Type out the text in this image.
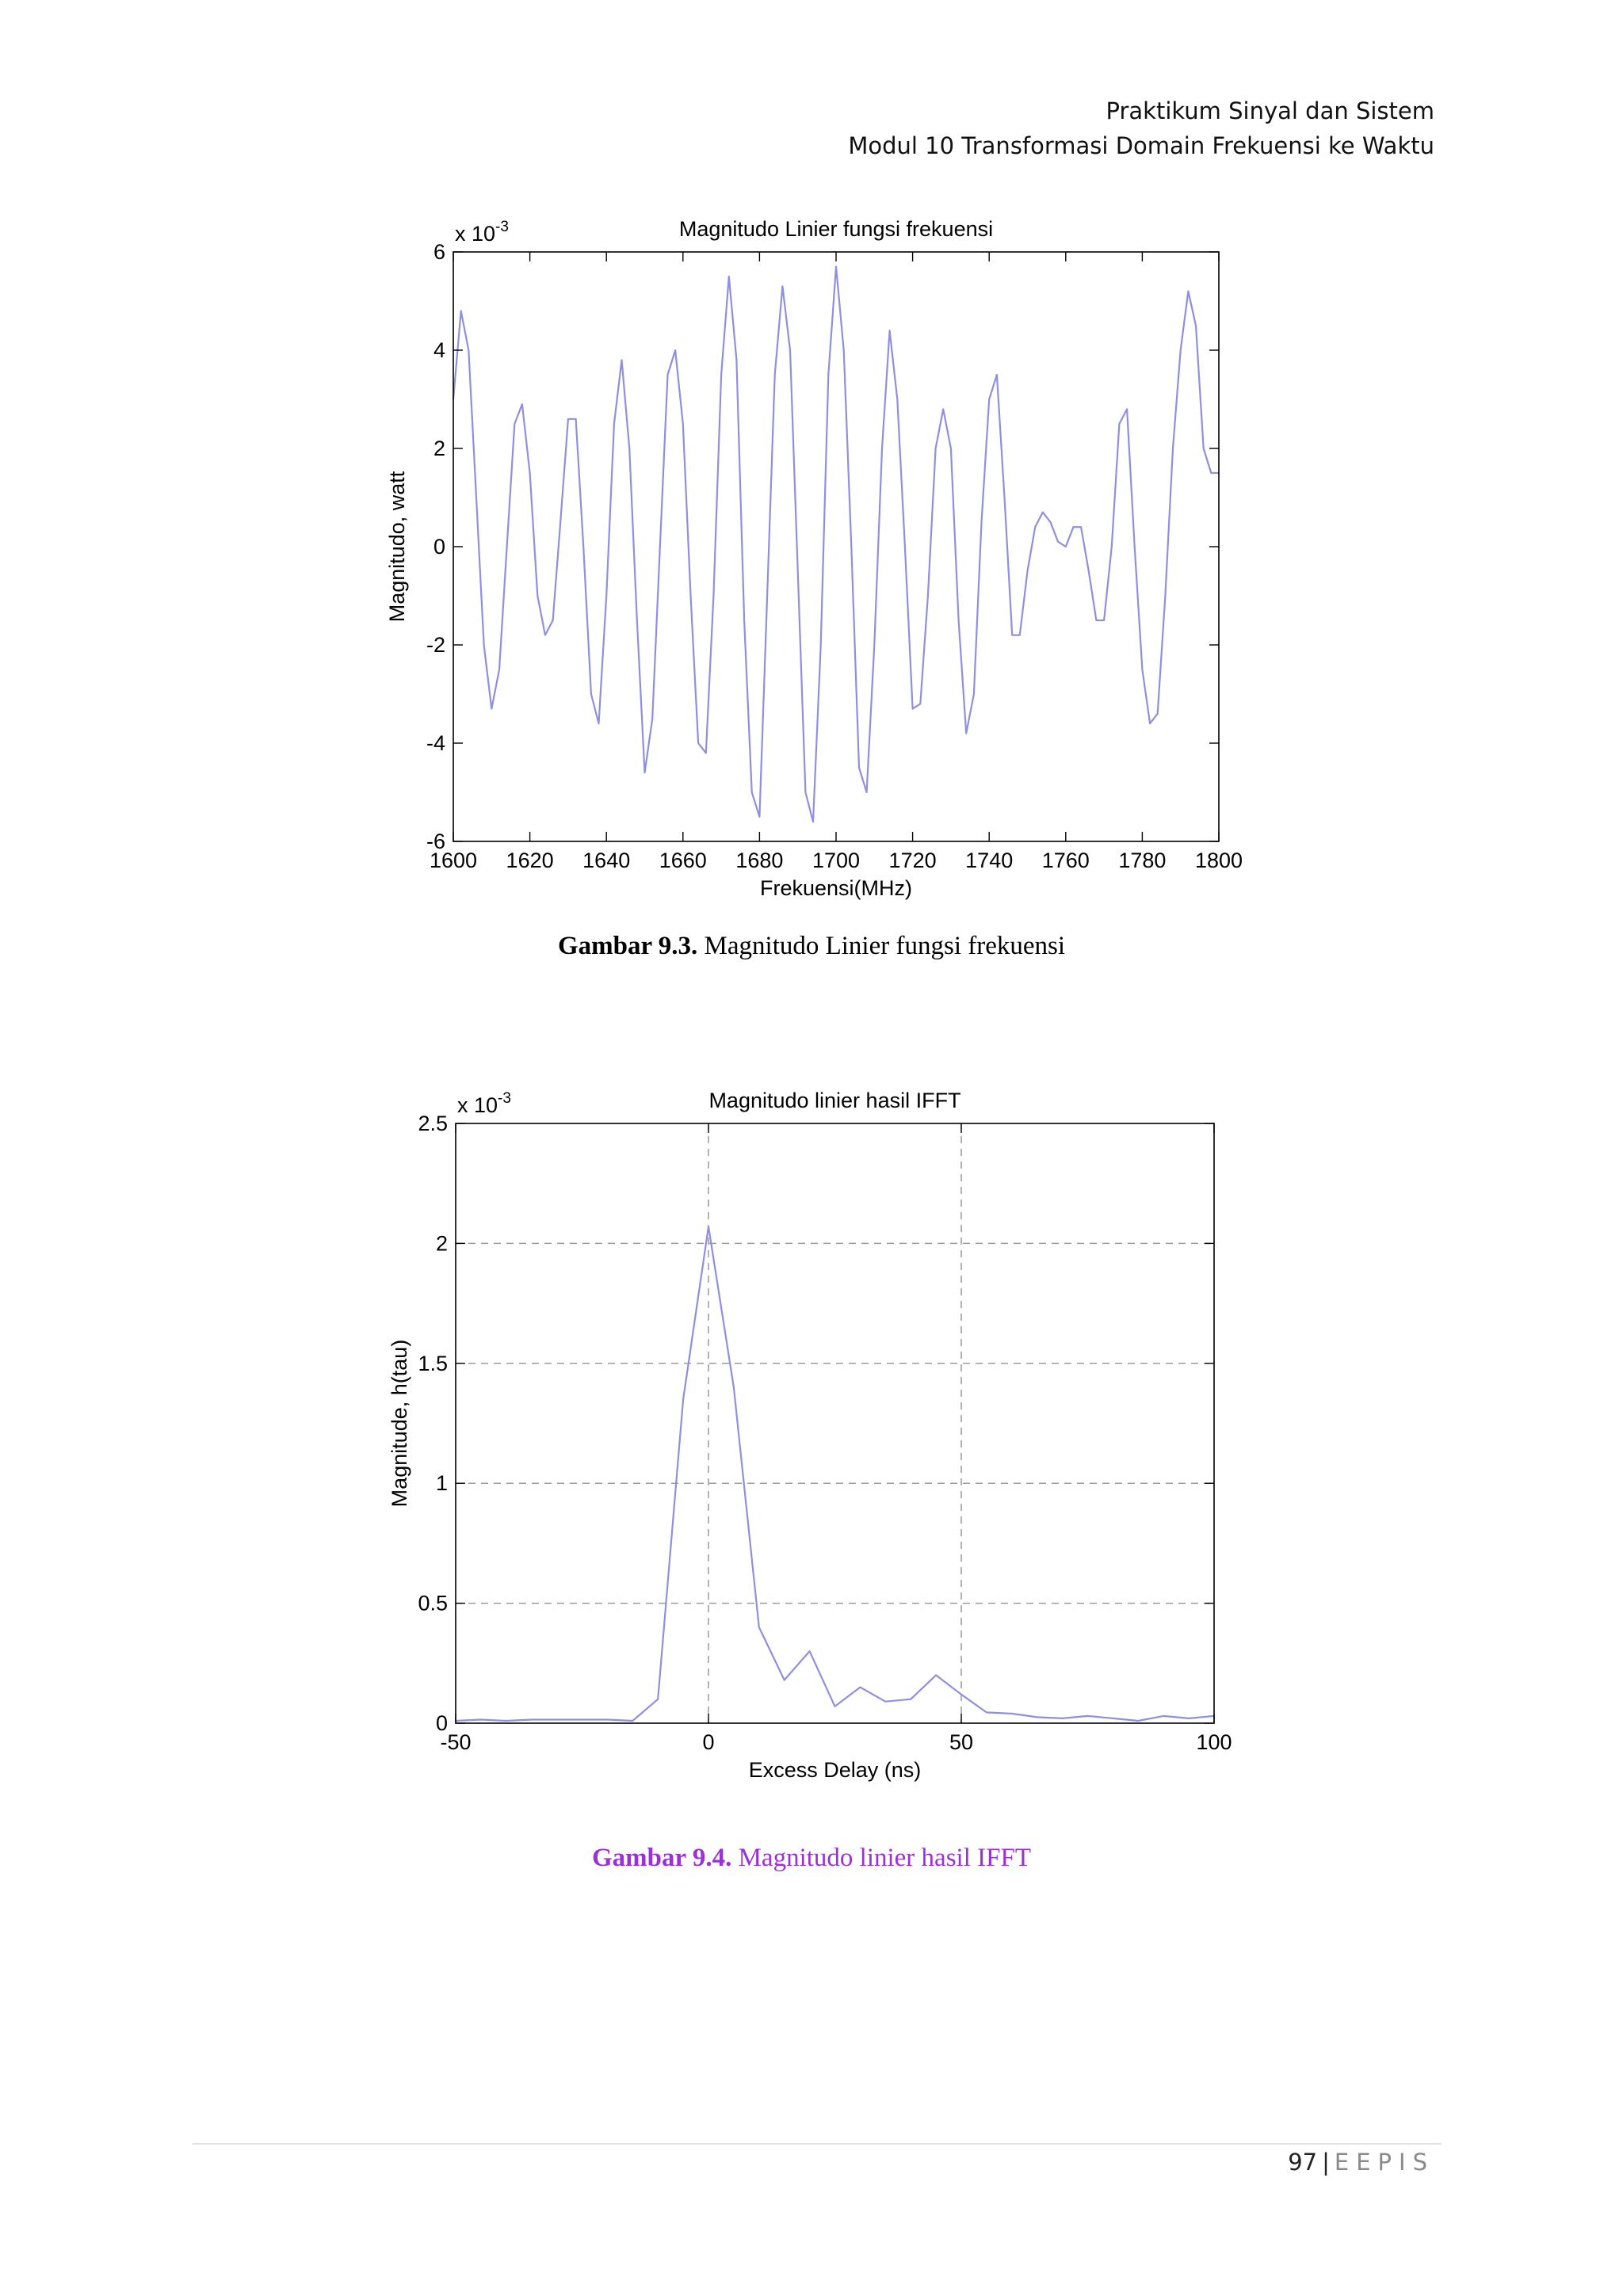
Praktikum Sinyal dan Sistem
Modul 10 Transformasi Domain Frekuensi ke Waktu
1600 1620 1640 1660 1680 1700 1720 1740 1760 1780 1800
-6
-4
-2
0
2
4
6
Magnitudo Linier fungsi frekuensi
x $10^{-3}$
Frekuensi(MHz)
Magnitudo, watt
Gambar 9.3. Magnitudo Linier fungsi frekuensi
-50	0	50	100
0
0.5
1
1.5
2
2.5
Magnitudo linier hasil IFFT
x $10^{-3}$
Excess Delay (ns)
Magnitude, h(tau)
Gambar 9.4. Magnitudo linier hasil IFFT
97 | EEPIS
